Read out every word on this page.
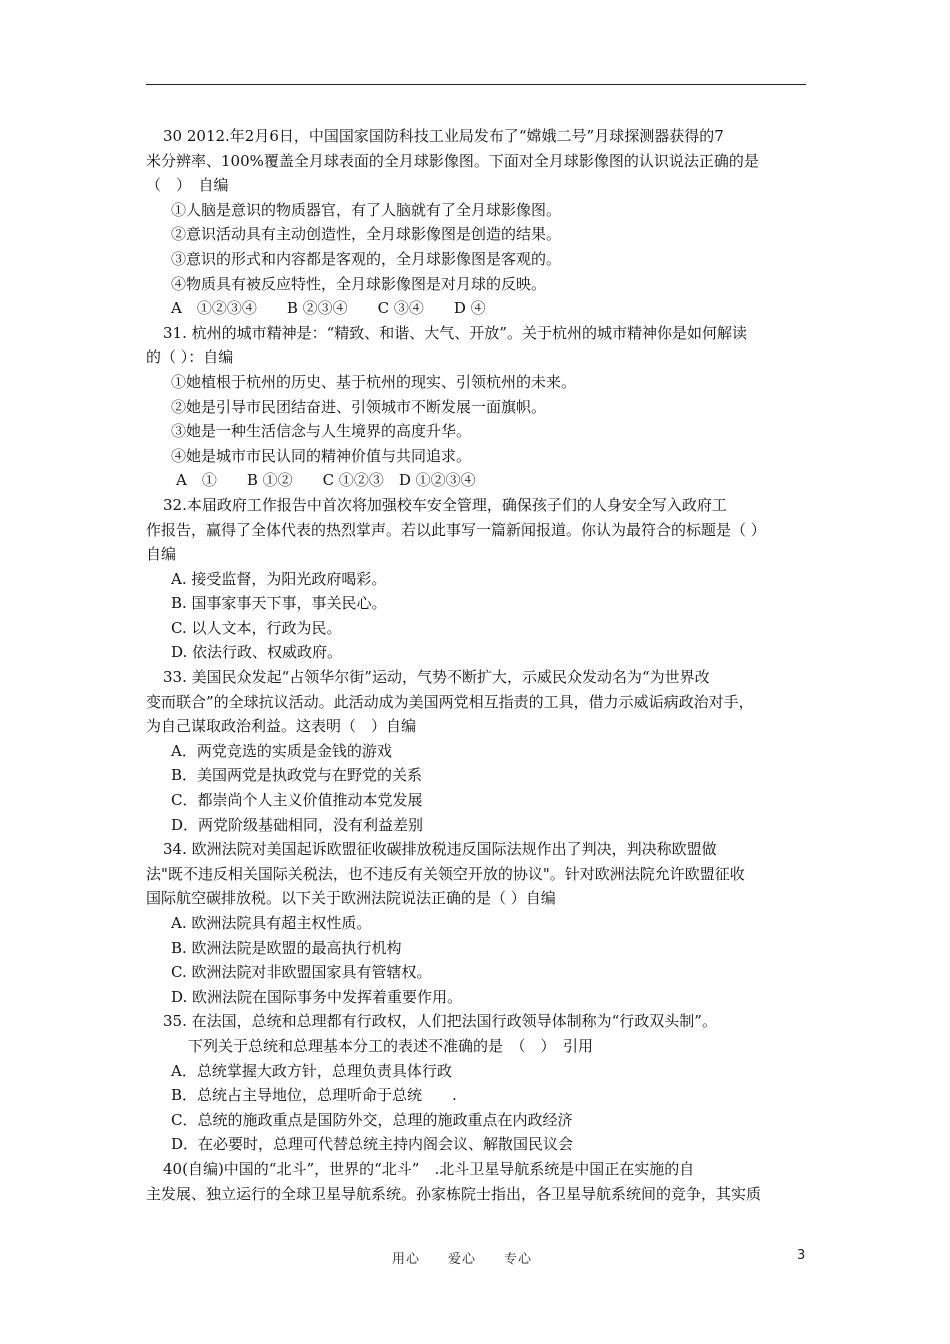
30 2012.年2月6日，中国国家国防科技工业局发布了“嫦娥二号”月球探测器获得的7
米分辨率、100%覆盖全月球表面的全月球影像图。下面对全月球影像图的认识说法正确的是
（　）　自编
①人脑是意识的物质器官，有了人脑就有了全月球影像图。
②意识活动具有主动创造性，全月球影像图是创造的结果。
③意识的形式和内容都是客观的，全月球影像图是客观的。
④物质具有被反应特性，全月球影像图是对月球的反映。
A　①②③④　　B ②③④　　C ③④　　D ④
31. 杭州的城市精神是：“精致、和谐、大气、开放”。关于杭州的城市精神你是如何解读
的（ ）：自编
①她植根于杭州的历史、基于杭州的现实、引领杭州的未来。
②她是引导市民团结奋进、引领城市不断发展一面旗帜。
③她是一种生活信念与人生境界的高度升华。
④她是城市市民认同的精神价值与共同追求。
A　①　　B ①②　　C ①②③　D ①②③④
32.本届政府工作报告中首次将加强校车安全管理，确保孩子们的人身安全写入政府工
作报告，赢得了全体代表的热烈掌声。若以此事写一篇新闻报道。你认为最符合的标题是（ ）
自编
A. 接受监督，为阳光政府喝彩。
B. 国事家事天下事，事关民心。
C. 以人文本，行政为民。
D. 依法行政、权威政府。
33. 美国民众发起“占领华尔街”运动，气势不断扩大，示威民众发动名为“为世界改
变而联合”的全球抗议活动。此活动成为美国两党相互指责的工具，借力示威诟病政治对手，
为自己谋取政治利益。这表明（　）自编
A．两党竞选的实质是金钱的游戏
B．美国两党是执政党与在野党的关系
C．都崇尚个人主义价值推动本党发展
D．两党阶级基础相同，没有利益差别
34. 欧洲法院对美国起诉欧盟征收碳排放税违反国际法规作出了判决，判决称欧盟做
法"既不违反相关国际关税法，也不违反有关领空开放的协议"。针对欧洲法院允许欧盟征收
国际航空碳排放税。以下关于欧洲法院说法正确的是（ ）自编
A. 欧洲法院具有超主权性质。
B. 欧洲法院是欧盟的最高执行机构
C. 欧洲法院对非欧盟国家具有管辖权。
D. 欧洲法院在国际事务中发挥着重要作用。
35. 在法国，总统和总理都有行政权，人们把法国行政领导体制称为“行政双头制”。
下列关于总统和总理基本分工的表述不准确的是　（　）　引用
A．总统掌握大政方针，总理负责具体行政
B．总统占主导地位，总理听命于总统　　.
C．总统的施政重点是国防外交，总理的施政重点在内政经济
D．在必要时，总理可代替总统主持内阁会议、解散国民议会
40(自编)中国的“北斗”，世界的“北斗”　.北斗卫星导航系统是中国正在实施的自
主发展、独立运行的全球卫星导航系统。孙家栋院士指出，各卫星导航系统间的竞争，其实质
用心　　爱心　　专心	3
